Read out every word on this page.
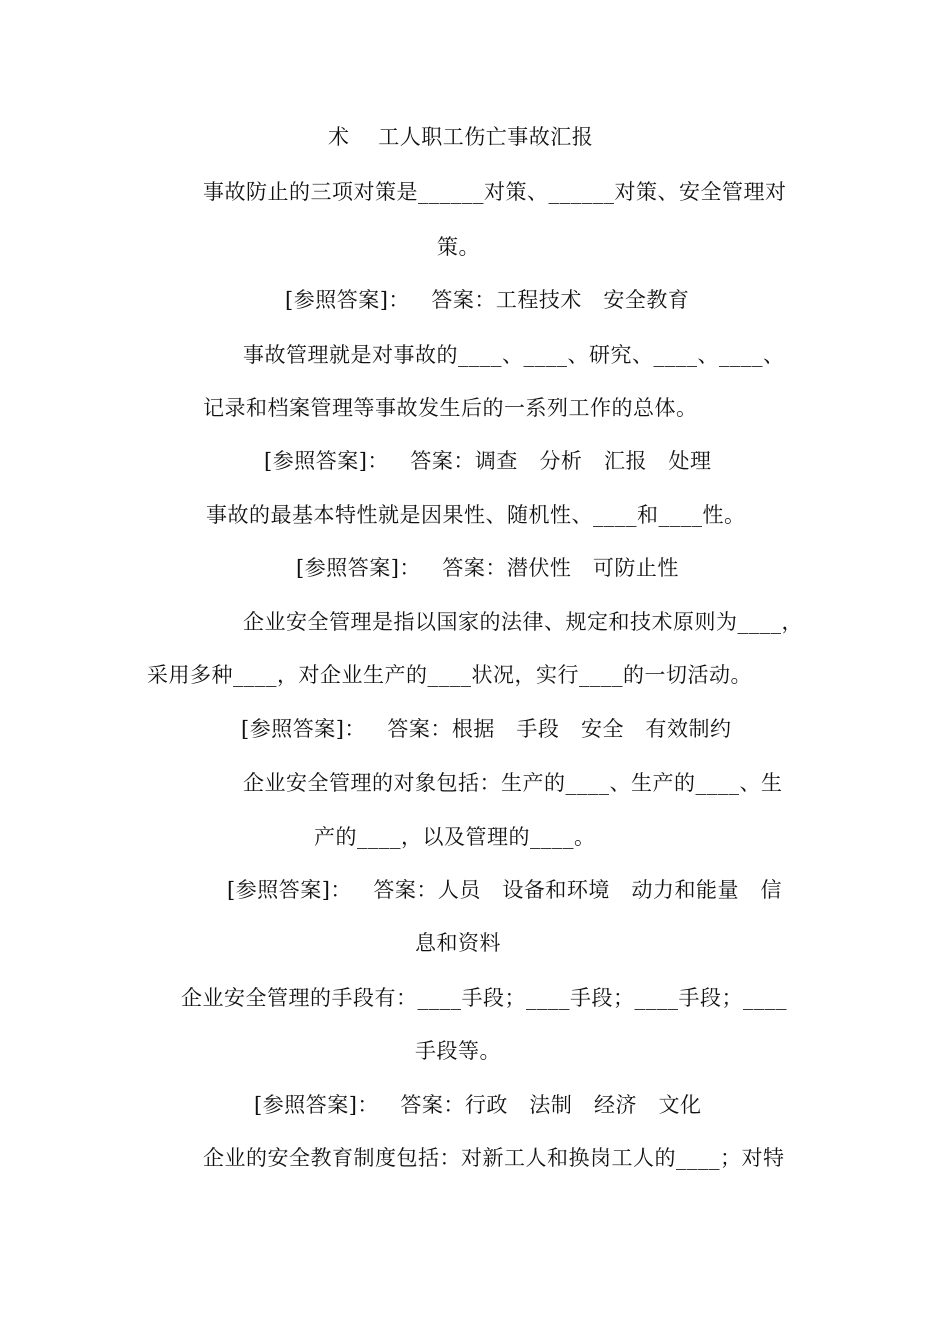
术    工人职工伤亡事故汇报
事故防止的三项对策是______对策、______对策、安全管理对
策。
[参照答案]：   答案：工程技术   安全教育
事故管理就是对事故的____、____、研究、____、____、
记录和档案管理等事故发生后的一系列工作的总体。
[参照答案]：   答案：调查   分析   汇报   处理
事故的最基本特性就是因果性、随机性、____和____性。
[参照答案]：   答案：潜伏性   可防止性
企业安全管理是指以国家的法律、规定和技术原则为____，
采用多种____，对企业生产的____状况，实行____的一切活动。
[参照答案]：   答案：根据   手段   安全   有效制约
企业安全管理的对象包括：生产的____、生产的____、生
产的____，以及管理的____。
[参照答案]：   答案：人员   设备和环境   动力和能量   信
息和资料
企业安全管理的手段有：____手段；____手段；____手段；____
手段等。
[参照答案]：   答案：行政   法制   经济   文化
企业的安全教育制度包括：对新工人和换岗工人的____；对特
